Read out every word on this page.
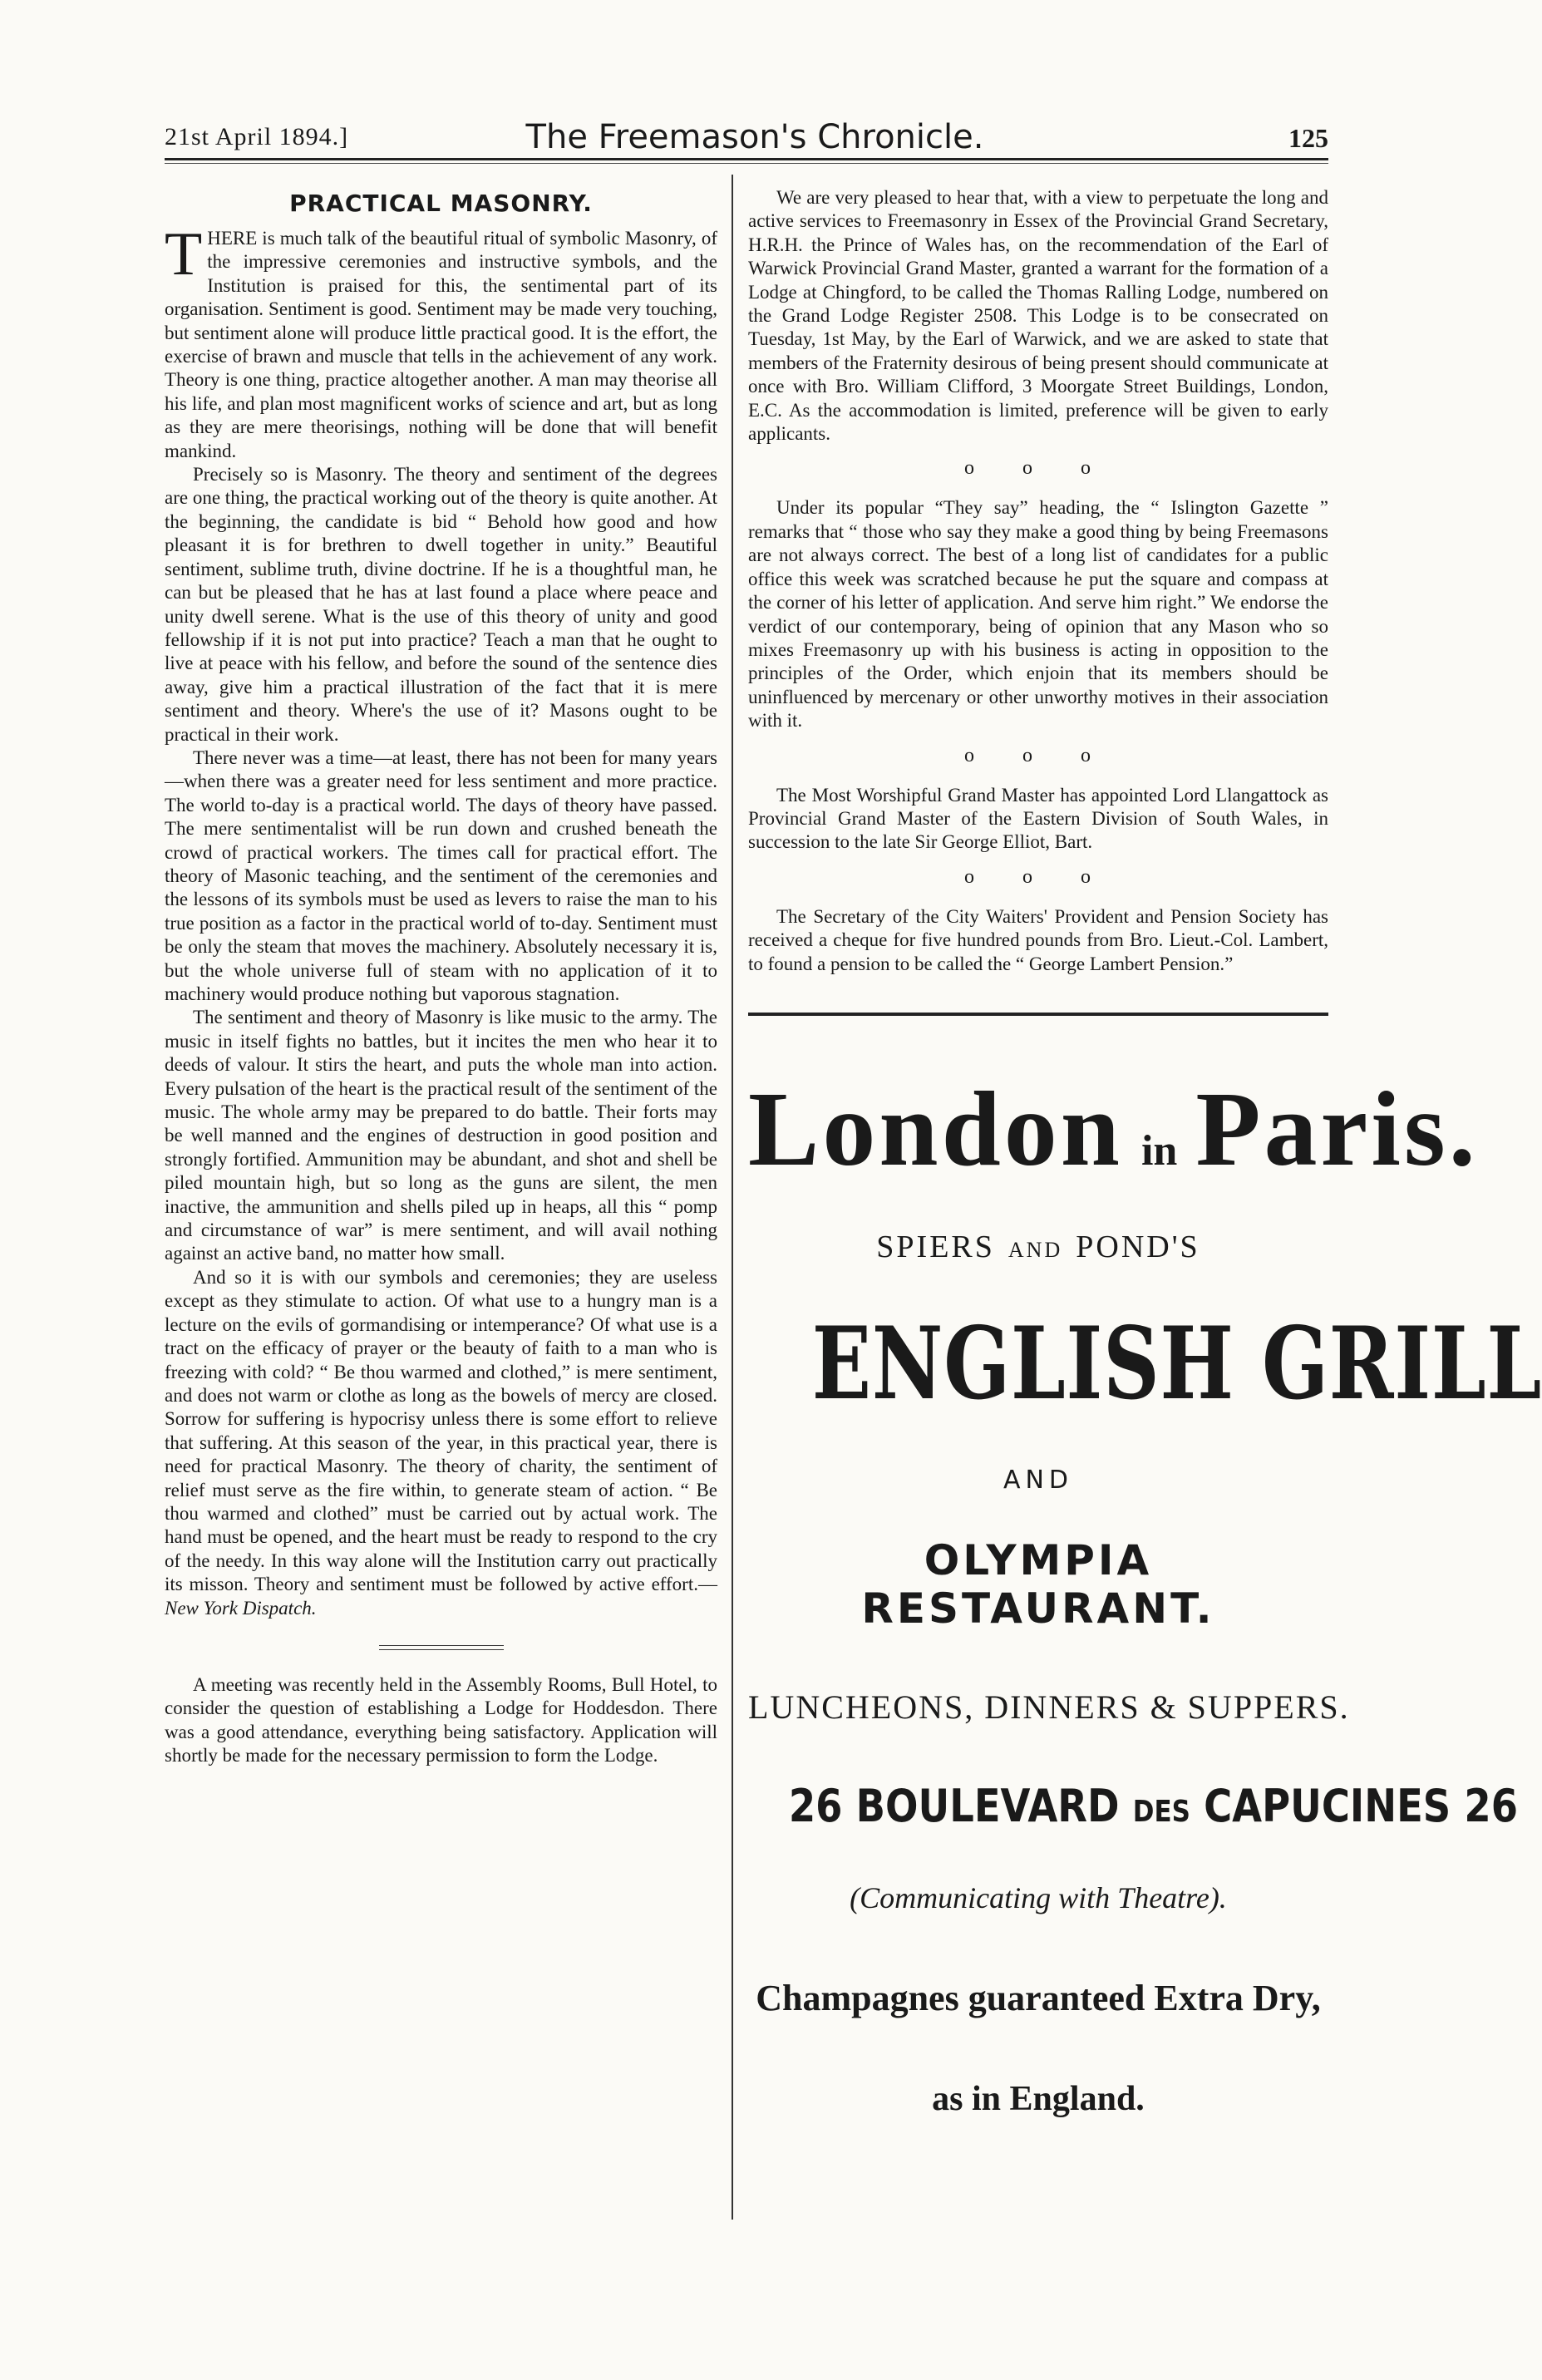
21st April 1894.]	The Freemason's Chronicle.	125
PRACTICAL MASONRY.

THERE is much talk of the beautiful ritual of symbolic Masonry, of the impressive ceremonies and instructive symbols, and the Institution is praised for this, the sentimental part of its organisation. Sentiment is good. Sentiment may be made very touching, but sentiment alone will produce little practical good. It is the effort, the exercise of brawn and muscle that tells in the achievement of any work. Theory is one thing, practice altogether another. A man may theorise all his life, and plan most magnificent works of science and art, but as long as they are mere theorisings, nothing will be done that will benefit mankind.

Precisely so is Masonry. The theory and sentiment of the degrees are one thing, the practical working out of the theory is quite another. At the beginning, the candidate is bid “ Behold how good and how pleasant it is for brethren to dwell together in unity.” Beautiful sentiment, sublime truth, divine doctrine. If he is a thoughtful man, he can but be pleased that he has at last found a place where peace and unity dwell serene. What is the use of this theory of unity and good fellowship if it is not put into practice? Teach a man that he ought to live at peace with his fellow, and before the sound of the sentence dies away, give him a practical illustration of the fact that it is mere sentiment and theory. Where's the use of it? Masons ought to be practical in their work.

There never was a time—at least, there has not been for many years—when there was a greater need for less sentiment and more practice. The world to-day is a practical world. The days of theory have passed. The mere sentimentalist will be run down and crushed beneath the crowd of practical workers. The times call for practical effort. The theory of Masonic teaching, and the sentiment of the ceremonies and the lessons of its symbols must be used as levers to raise the man to his true position as a factor in the practical world of to-day. Sentiment must be only the steam that moves the machinery. Absolutely necessary it is, but the whole universe full of steam with no application of it to machinery would produce nothing but vaporous stagnation.

The sentiment and theory of Masonry is like music to the army. The music in itself fights no battles, but it incites the men who hear it to deeds of valour. It stirs the heart, and puts the whole man into action. Every pulsation of the heart is the practical result of the sentiment of the music. The whole army may be prepared to do battle. Their forts may be well manned and the engines of destruction in good position and strongly fortified. Ammunition may be abundant, and shot and shell be piled mountain high, but so long as the guns are silent, the men inactive, the ammunition and shells piled up in heaps, all this “ pomp and circumstance of war” is mere sentiment, and will avail nothing against an active band, no matter how small.

And so it is with our symbols and ceremonies; they are useless except as they stimulate to action. Of what use to a hungry man is a lecture on the evils of gormandising or intemperance? Of what use is a tract on the efficacy of prayer or the beauty of faith to a man who is freezing with cold? “ Be thou warmed and clothed,” is mere sentiment, and does not warm or clothe as long as the bowels of mercy are closed. Sorrow for suffering is hypocrisy unless there is some effort to relieve that suffering. At this season of the year, in this practical year, there is need for practical Masonry. The theory of charity, the sentiment of relief must serve as the fire within, to generate steam of action. “ Be thou warmed and clothed” must be carried out by actual work. The hand must be opened, and the heart must be ready to respond to the cry of the needy. In this way alone will the Institution carry out practically its misson. Theory and sentiment must be followed by active effort.—New York Dispatch.

A meeting was recently held in the Assembly Rooms, Bull Hotel, to consider the question of establishing a Lodge for Hoddesdon. There was a good attendance, everything being satisfactory. Application will shortly be made for the necessary permission to form the Lodge.

We are very pleased to hear that, with a view to perpetuate the long and active services to Freemasonry in Essex of the Provincial Grand Secretary, H.R.H. the Prince of Wales has, on the recommendation of the Earl of Warwick Provincial Grand Master, granted a warrant for the formation of a Lodge at Chingford, to be called the Thomas Ralling Lodge, numbered on the Grand Lodge Register 2508. This Lodge is to be consecrated on Tuesday, 1st May, by the Earl of Warwick, and we are asked to state that members of the Fraternity desirous of being present should communicate at once with Bro. William Clifford, 3 Moorgate Street Buildings, London, E.C. As the accommodation is limited, preference will be given to early applicants.

o o o

Under its popular “They say” heading, the “ Islington Gazette ” remarks that “ those who say they make a good thing by being Freemasons are not always correct. The best of a long list of candidates for a public office this week was scratched because he put the square and compass at the corner of his letter of application. And serve him right.” We endorse the verdict of our contemporary, being of opinion that any Mason who so mixes Freemasonry up with his business is acting in opposition to the principles of the Order, which enjoin that its members should be uninfluenced by mercenary or other unworthy motives in their association with it.

o o o

The Most Worshipful Grand Master has appointed Lord Llangattock as Provincial Grand Master of the Eastern Division of South Wales, in succession to the late Sir George Elliot, Bart.

o o o

The Secretary of the City Waiters' Provident and Pension Society has received a cheque for five hundred pounds from Bro. Lieut.-Col. Lambert, to found a pension to be called the “ George Lambert Pension.”

London in Paris.
SPIERS AND POND'S
ENGLISH GRILL
AND
OLYMPIA RESTAURANT.
LUNCHEONS, DINNERS & SUPPERS.
26 BOULEVARD DES CAPUCINES 26
(Communicating with Theatre).
Champagnes guaranteed Extra Dry,
as in England.
